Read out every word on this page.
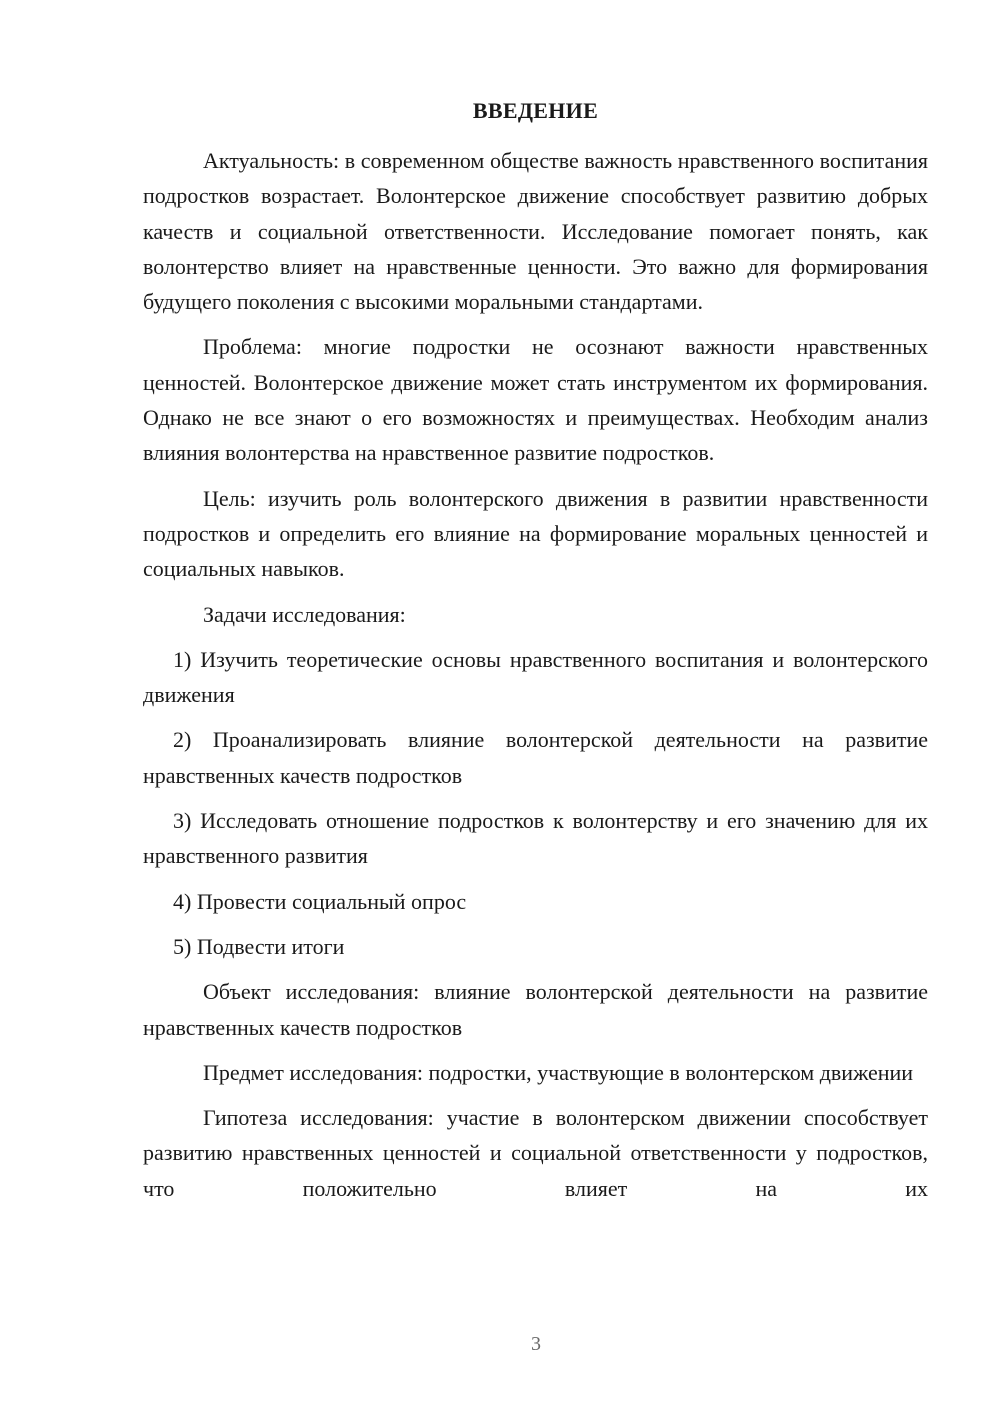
ВВЕДЕНИЕ

Актуальность: в современном обществе важность нравственного воспитания подростков возрастает. Волонтерское движение способствует развитию добрых качеств и социальной ответственности. Исследование помогает понять, как волонтерство влияет на нравственные ценности. Это важно для формирования будущего поколения с высокими моральными стандартами.

Проблема: многие подростки не осознают важности нравственных ценностей. Волонтерское движение может стать инструментом их формирования. Однако не все знают о его возможностях и преимуществах. Необходим анализ влияния волонтерства на нравственное развитие подростков.

Цель: изучить роль волонтерского движения в развитии нравственности подростков и определить его влияние на формирование моральных ценностей и социальных навыков.

Задачи исследования:

1) Изучить теоретические основы нравственного воспитания и волонтерского движения

2) Проанализировать влияние волонтерской деятельности на развитие нравственных качеств подростков

3) Исследовать отношение подростков к волонтерству и его значению для их нравственного развития

4) Провести социальный опрос

5) Подвести итоги

Объект исследования: влияние волонтерской деятельности на развитие нравственных качеств подростков

Предмет исследования: подростки, участвующие в волонтерском движении

Гипотеза исследования: участие в волонтерском движении способствует развитию нравственных ценностей и социальной ответственности у подростков, что положительно влияет на их

3
